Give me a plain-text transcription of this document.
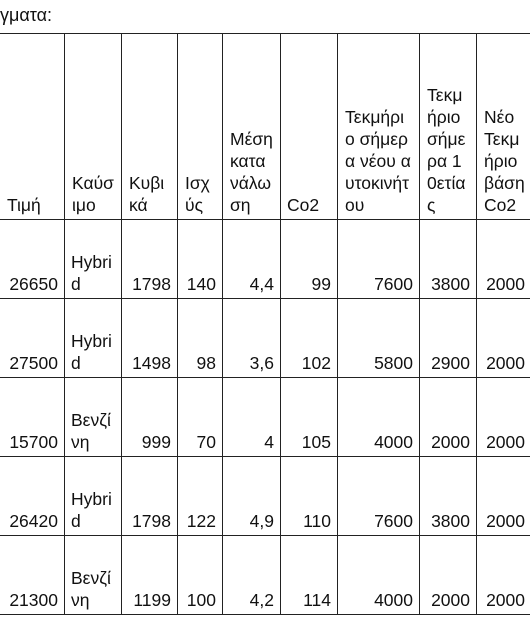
γματα:
Τιμή	Καύσιμο	Κυβικά	Ισχύς	Μέση κατανάλωση	Co2	Τεκμήριο σήμερα νέου αυτοκινήτου	Τεκμήριο σήμερα 10ετίας	Νέο Τεκμήριο βάση Co2
26650	Hybrid	1798	140	4,4	99	7600	3800	2000
27500	Hybrid	1498	98	3,6	102	5800	2900	2000
15700	Βενζίνη	999	70	4	105	4000	2000	2000
26420	Hybrid	1798	122	4,9	110	7600	3800	2000
21300	Βενζίνη	1199	100	4,2	114	4000	2000	2000
